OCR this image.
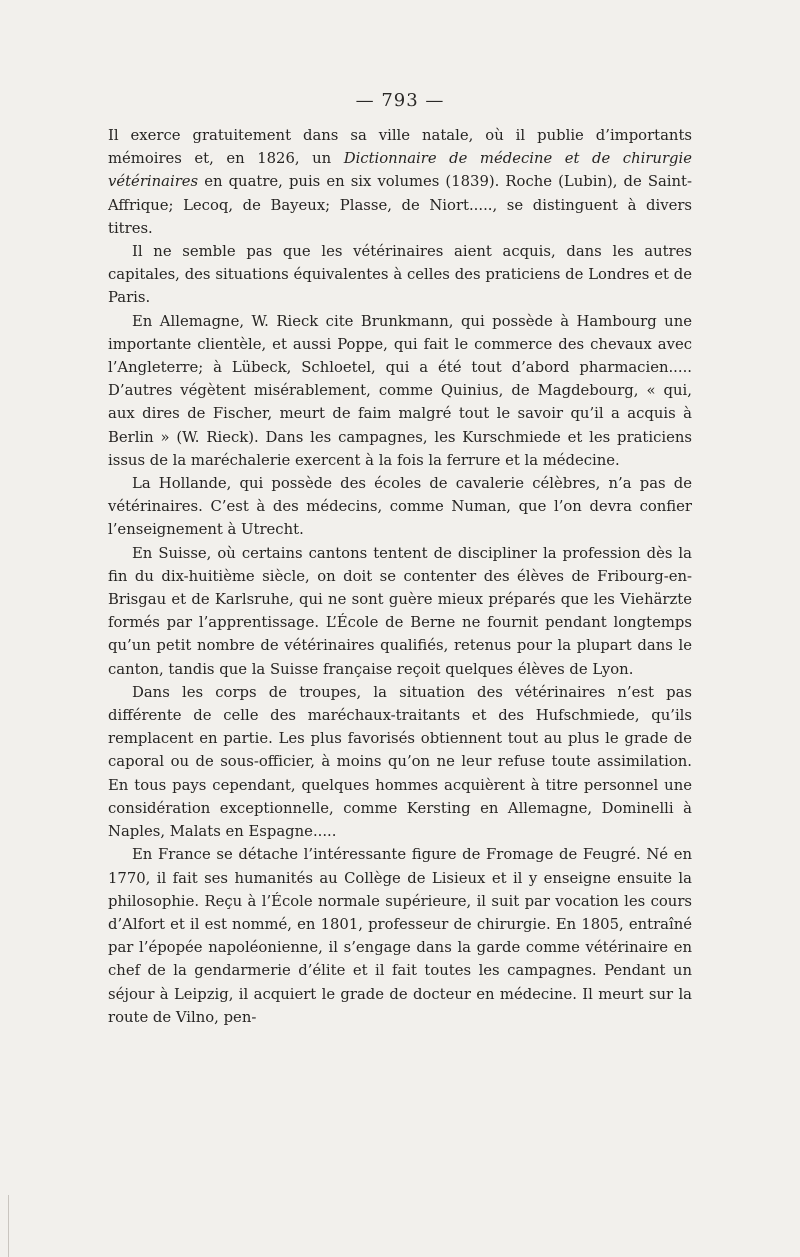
— 793 —

Il exerce gratuitement dans sa ville natale, où il publie d’importants mémoires et, en 1826, un Dictionnaire de médecine et de chirurgie vétérinaires en quatre, puis en six volumes (1839). Roche (Lubin), de Saint-Affrique; Lecoq, de Bayeux; Plasse, de Niort....., se distinguent à divers titres.

Il ne semble pas que les vétérinaires aient acquis, dans les autres capitales, des situations équivalentes à celles des praticiens de Londres et de Paris.

En Allemagne, W. Rieck cite Brunkmann, qui possède à Hambourg une importante clientèle, et aussi Poppe, qui fait le commerce des chevaux avec l’Angleterre; à Lübeck, Schloetel, qui a été tout d’abord pharmacien..... D’autres végètent misérablement, comme Quinius, de Magdebourg, « qui, aux dires de Fischer, meurt de faim malgré tout le savoir qu’il a acquis à Berlin » (W. Rieck). Dans les campagnes, les Kurschmiede et les praticiens issus de la maréchalerie exercent à la fois la ferrure et la médecine.

La Hollande, qui possède des écoles de cavalerie célèbres, n’a pas de vétérinaires. C’est à des médecins, comme Numan, que l’on devra confier l’enseignement à Utrecht.

En Suisse, où certains cantons tentent de discipliner la profession dès la fin du dix-huitième siècle, on doit se contenter des élèves de Fribourg-en-Brisgau et de Karlsruhe, qui ne sont guère mieux préparés que les Viehärzte formés par l’apprentissage. L’École de Berne ne fournit pendant longtemps qu’un petit nombre de vétérinaires qualifiés, retenus pour la plupart dans le canton, tandis que la Suisse française reçoit quelques élèves de Lyon.

Dans les corps de troupes, la situation des vétérinaires n’est pas différente de celle des maréchaux-traitants et des Hufschmiede, qu’ils remplacent en partie. Les plus favorisés obtiennent tout au plus le grade de caporal ou de sous-officier, à moins qu’on ne leur refuse toute assimilation. En tous pays cependant, quelques hommes acquièrent à titre personnel une considération exceptionnelle, comme Kersting en Allemagne, Dominelli à Naples, Malats en Espagne.....

En France se détache l’intéressante figure de Fromage de Feugré. Né en 1770, il fait ses humanités au Collège de Lisieux et il y enseigne ensuite la philosophie. Reçu à l’École normale supérieure, il suit par vocation les cours d’Alfort et il est nommé, en 1801, professeur de chirurgie. En 1805, entraîné par l’épopée napoléonienne, il s’engage dans la garde comme vétérinaire en chef de la gendarmerie d’élite et il fait toutes les campagnes. Pendant un séjour à Leipzig, il acquiert le grade de docteur en médecine. Il meurt sur la route de Vilno, pen-
